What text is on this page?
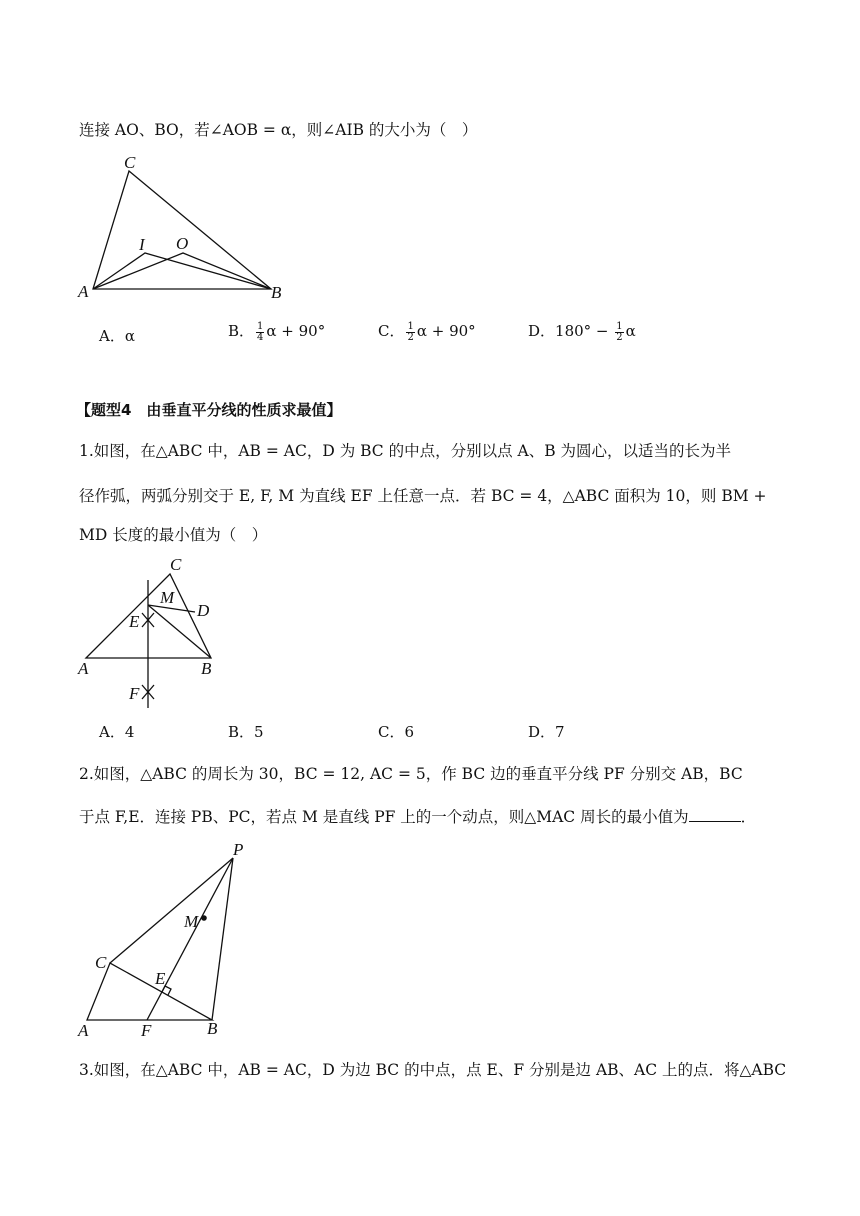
连接 AO、BO，若∠AOB = α，则∠AIB 的大小为（　）
C
I O
A	B
A．α	B． $\frac{1}{4}$ α + 90°	C． $\frac{1}{2}$ α + 90°	D．$180^\circ - \frac{1}{2}$ α
【题型4　由垂直平分线的性质求最值】
1.如图，在△ABC 中，AB = AC，D 为 BC 的中点，分别以点 A、B 为圆心，以适当的长为半
径作弧，两弧分别交于 E, F, M 为直线 EF 上任意一点．若 BC = 4，△ABC 面积为 10，则 BM +
MD 长度的最小值为（　）
C
M
D
E
A	B
F
A．4	B．5	C．6	D．7
2.如图，△ABC 的周长为 30，BC = 12, AC = 5，作 BC 边的垂直平分线 PF 分别交 AB，BC
于点 F,E．连接 PB、PC，若点 M 是直线 PF 上的一个动点，则△MAC 周长的最小值为	．
P
M
C
E
A	F	B
3.如图，在△ABC 中，AB = AC，D 为边 BC 的中点，点 E、F 分别是边 AB、AC 上的点．将△ABC
